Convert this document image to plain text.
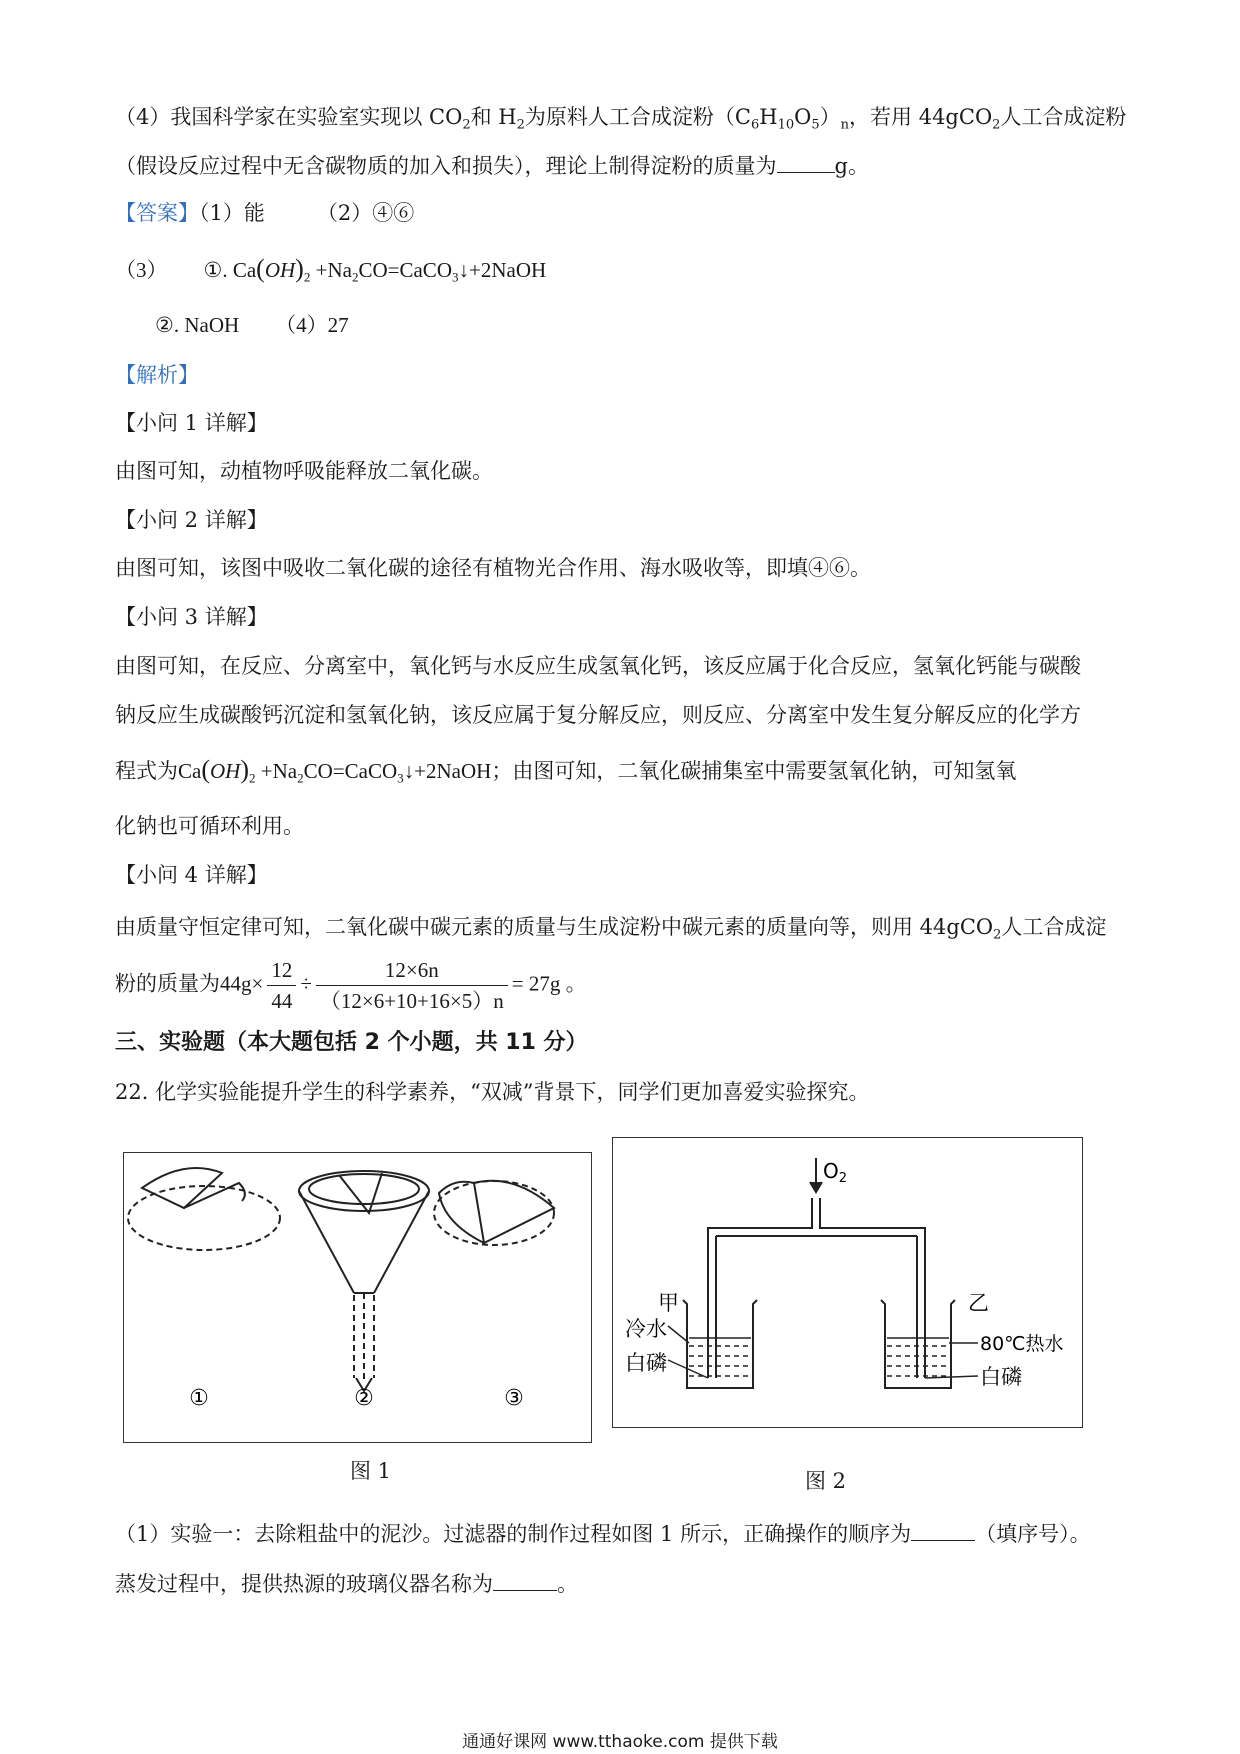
（4）我国科学家在实验室实现以 $CO_2$和 $H_2$为原料人工合成淀粉$(C_6H_{10}O_5)_n$，若用 44gCO$_2$人工合成淀粉
（假设反应过程中无含碳物质的加入和损失），理论上制得淀粉的质量为	g。
【答案】（1）能 （2）④⑥
（3） ①. $Ca(OH)_2$ $+Na_2CO=CaCO_3↓+2NaOH$
②. NaOH （4）27
【解析】
【小问 1 详解】
由图可知，动植物呼吸能释放二氧化碳。
【小问 2 详解】
由图可知，该图中吸收二氧化碳的途径有植物光合作用、海水吸收等，即填④⑥。
【小问 3 详解】
由图可知，在反应、分离室中，氧化钙与水反应生成氢氧化钙，该反应属于化合反应，氢氧化钙能与碳酸
钠反应生成碳酸钙沉淀和氢氧化钠，该反应属于复分解反应，则反应、分离室中发生复分解反应的化学方
程式为$Ca(OH)_2$ $+Na_2CO=CaCO_3↓+2NaOH$；由图可知，二氧化碳捕集室中需要氢氧化钠，可知氢氧
化钠也可循环利用。
【小问 4 详解】
由质量守恒定律可知，二氧化碳中碳元素的质量与生成淀粉中碳元素的质量向等，则用 44gCO$_2$人工合成淀
粉的质量为$44g\times \frac{12}{44} \div \frac{12\times 6n}{(12\times 6+10+16\times 5)n} = 27g$ 。
三、实验题（本大题包括 2 个小题，共 11 分）
22. 化学实验能提升学生的科学素养，“双减”背景下，同学们更加喜爱实验探究。
①	②	③
图 1
$O_2$
甲
冷水
白磷
乙
80℃热水
白磷
图 2
（1）实验一：去除粗盐中的泥沙。过滤器的制作过程如图 1 所示，正确操作的顺序为	（填序号）。
蒸发过程中，提供热源的玻璃仪器名称为	。
通通好课网 www.tthaoke.com 提供下载
